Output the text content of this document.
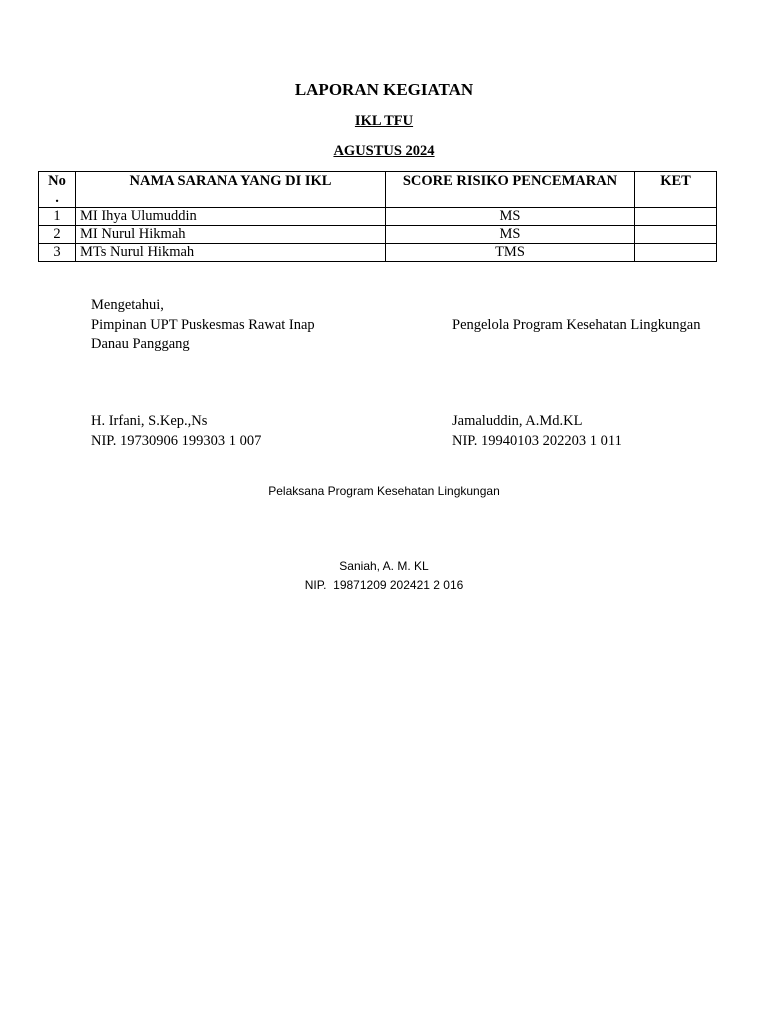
LAPORAN KEGIATAN
IKL TFU
AGUSTUS 2024
No
.	NAMA SARANA YANG DI IKL	SCORE RISIKO PENCEMARAN	KET
1	MI Ihya Ulumuddin	MS	
2	MI Nurul Hikmah	MS	
3	MTs Nurul Hikmah	TMS	
Mengetahui,
Pimpinan UPT Puskesmas Rawat Inap
Danau Panggang
H. Irfani, S.Kep.,Ns
NIP. 19730906 199303 1 007
Pengelola Program Kesehatan Lingkungan
Jamaluddin, A.Md.KL
NIP. 19940103 202203 1 011
Pelaksana Program Kesehatan Lingkungan
Saniah, A. M. KL
NIP.  19871209 202421 2 016
